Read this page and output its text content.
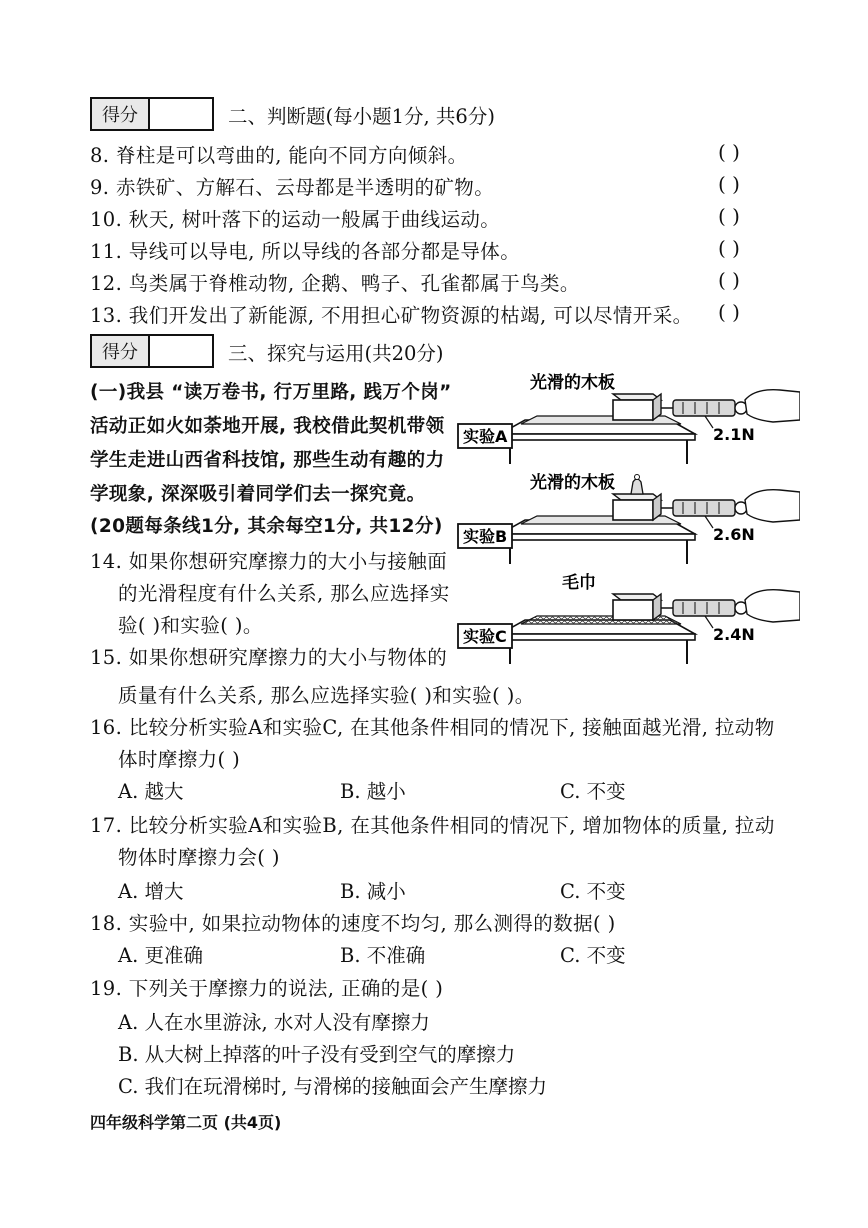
得分	二、判断题(每小题1分, 共6分)
8. 脊柱是可以弯曲的, 能向不同方向倾斜。	( )
9. 赤铁矿、方解石、云母都是半透明的矿物。	( )
10. 秋天, 树叶落下的运动一般属于曲线运动。	( )
11. 导线可以导电, 所以导线的各部分都是导体。	( )
12. 鸟类属于脊椎动物, 企鹅、鸭子、孔雀都属于鸟类。	( )
13. 我们开发出了新能源, 不用担心矿物资源的枯竭, 可以尽情开采。 ( )
得分	三、探究与运用(共20分)
(一)我县 “读万卷书, 行万里路, 践万个岗”
活动正如火如荼地开展, 我校借此契机带领
学生走进山西省科技馆, 那些生动有趣的力
学现象, 深深吸引着同学们去一探究竟。
(20题每条线1分, 其余每空1分, 共12分)
14. 如果你想研究摩擦力的大小与接触面
的光滑程度有什么关系, 那么应选择实
验( )和实验( )。
15. 如果你想研究摩擦力的大小与物体的
质量有什么关系, 那么应选择实验( )和实验( )。
16. 比较分析实验A和实验C, 在其他条件相同的情况下, 接触面越光滑, 拉动物
体时摩擦力( )
A. 越大	B. 越小	C. 不变
17. 比较分析实验A和实验B, 在其他条件相同的情况下, 增加物体的质量, 拉动
物体时摩擦力会( )
A. 增大	B. 减小	C. 不变
18. 实验中, 如果拉动物体的速度不均匀, 那么测得的数据( )
A. 更准确	B. 不准确	C. 不变
19. 下列关于摩擦力的说法, 正确的是( )
A. 人在水里游泳, 水对人没有摩擦力
B. 从大树上掉落的叶子没有受到空气的摩擦力
C. 我们在玩滑梯时, 与滑梯的接触面会产生摩擦力
四年级科学第二页 (共4页)
光滑的木板
2.1N
实验A
光滑的木板
2.6N
实验B
毛巾
2.4N
实验C
